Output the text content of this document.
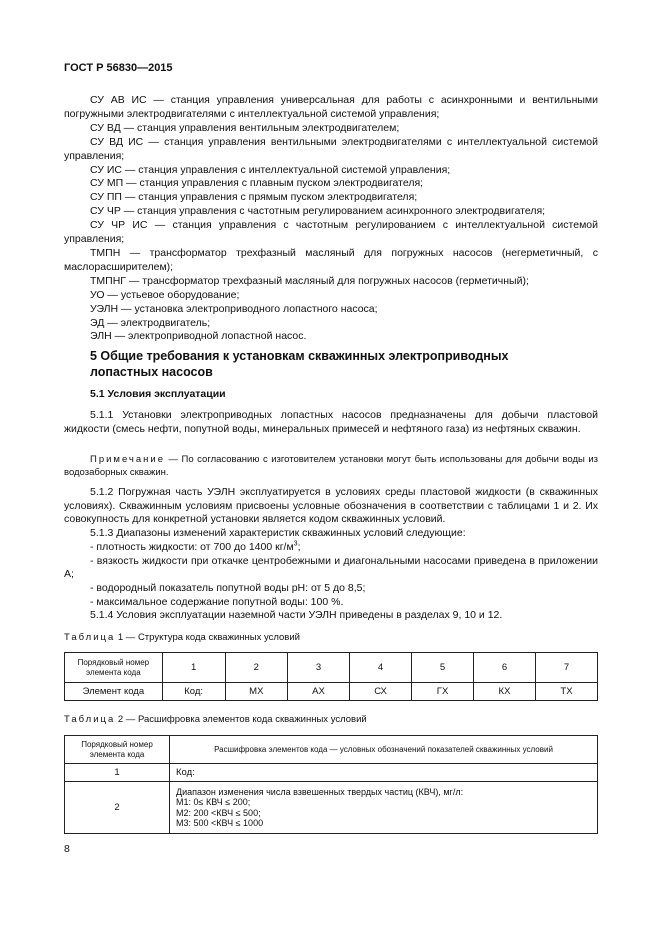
ГОСТ Р 56830—2015

СУ АВ ИС — станция управления универсальная для работы с асинхронными и вентильными погружными электродвигателями с интеллектуальной системой управления;

СУ ВД — станция управления вентильным электродвигателем;

СУ ВД ИС — станция управления вентильными электродвигателями с интеллектуальной системой управления;

СУ ИС — станция управления с интеллектуальной системой управления;

СУ МП — станция управления с плавным пуском электродвигателя;

СУ ПП — станция управления с прямым пуском электродвигателя;

СУ ЧР — станция управления с частотным регулированием асинхронного электродвигателя;

СУ ЧР ИС — станция управления с частотным регулированием с интеллектуальной системой управления;

ТМПН — трансформатор трехфазный масляный для погружных насосов (негерметичный, с маслорасширителем);

ТМПНГ — трансформатор трехфазный масляный для погружных насосов (герметичный);

УО — устьевое оборудование;

УЭЛН — установка электроприводного лопастного насоса;

ЭД — электродвигатель;

ЭЛН — электроприводной лопастной насос.

5 Общие требования к установкам скважинных электроприводных лопастных насосов
5.1 Условия эксплуатации

5.1.1 Установки электроприводных лопастных насосов предназначены для добычи пластовой жидкости (смесь нефти, попутной воды, минеральных примесей и нефтяного газа) из нефтяных скважин.

Примечание — По согласованию с изготовителем установки могут быть использованы для добычи воды из водозаборных скважин.

5.1.2 Погружная часть УЭЛН эксплуатируется в условиях среды пластовой жидкости (в скважинных условиях). Скважинным условиям присвоены условные обозначения в соответствии с таблицами 1 и 2. Их совокупность для конкретной установки является кодом скважинных условий.

5.1.3 Диапазоны изменений характеристик скважинных условий следующие:

- плотность жидкости: от 700 до 1400 $кг/м^3$;

- вязкость жидкости при откачке центробежными и диагональными насосами приведена в приложении А;

- водородный показатель попутной воды pH: от 5 до 8,5;

- максимальное содержание попутной воды: 100 %.

5.1.4 Условия эксплуатации наземной части УЭЛН приведены в разделах 9, 10 и 12.

Таблица 1 — Структура кода скважинных условий
Порядковый номер элемента кода	1	2	3	4	5	6	7
Элемент кода	Код:	МХ	АХ	СХ	ГХ	КХ	ТХ
Таблица 2 — Расшифровка элементов кода скважинных условий
Порядковый номер элемента кода	Расшифровка элементов кода — условных обозначений показателей скважинных условий
1	Код:
2	Диапазон изменения числа взвешенных твердых частиц (КВЧ), мг/л:
М1: 0≤ КВЧ ≤ 200;
М2: 200 <КВЧ ≤ 500;
М3: 500 <КВЧ ≤ 1000
8
